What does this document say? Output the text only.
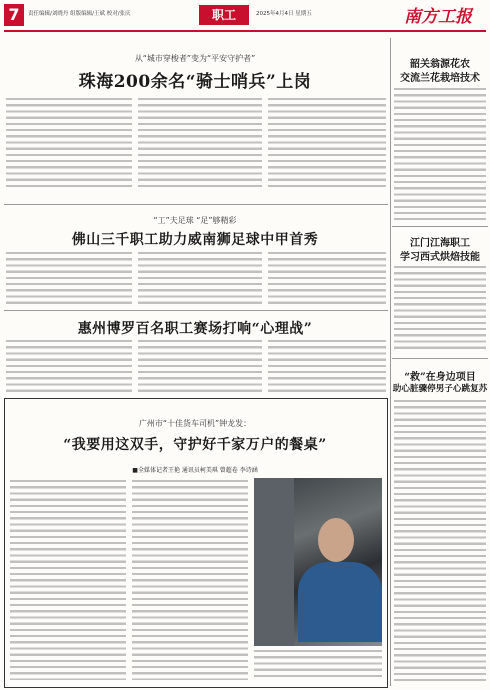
7	责任编辑/刘晓丹 组版编辑/王斌 校对/张庆	职工	2025年4月4日 星期五	南方工报
从“城市穿梭者”变为“平安守护者”
珠海200余名“骑士哨兵”上岗
“工”夫足球 “足”够精彩
佛山三千职工助力威南狮足球中甲首秀
惠州博罗百名职工赛场打响“心理战”
广州市“十佳货车司机”钟龙发：
“我要用这双手，守护好千家万户的餐桌”
■全媒体记者王艳 通讯员柯美琪 曾超卷 李诗涵
韶关翁源花农
交流兰花栽培技术
江门江海职工
学习西式烘焙技能
“救”在身边项目
助心脏骤停男子心跳复苏
